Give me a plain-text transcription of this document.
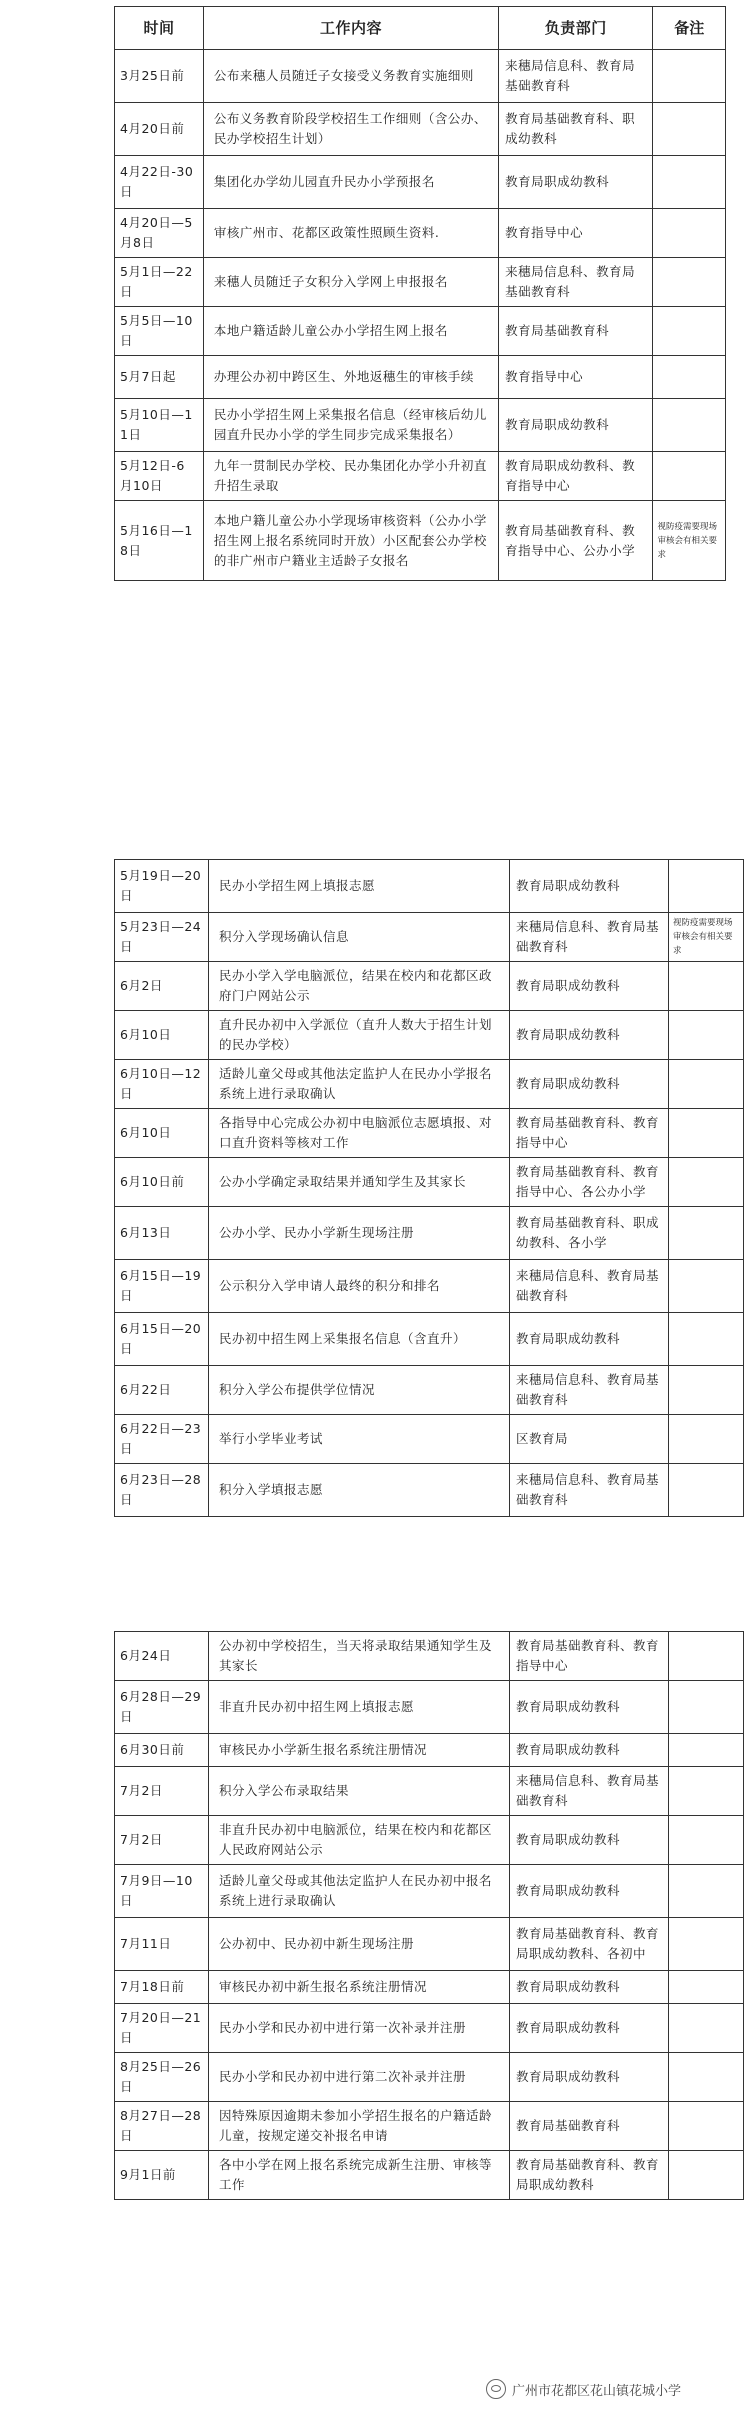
时间	工作内容	负责部门	备注
3月25日前	公布来穗人员随迁子女接受义务教育实施细则	来穗局信息科、教育局基础教育科	
4月20日前	公布义务教育阶段学校招生工作细则（含公办、民办学校招生计划）	教育局基础教育科、职成幼教科	
4月22日-30日	集团化办学幼儿园直升民办小学预报名	教育局职成幼教科	
4月20日—5月8日	审核广州市、花都区政策性照顾生资料.	教育指导中心	
5月1日—22日	来穗人员随迁子女积分入学网上申报报名	来穗局信息科、教育局基础教育科	
5月5日—10日	本地户籍适龄儿童公办小学招生网上报名	教育局基础教育科	
5月7日起	办理公办初中跨区生、外地返穗生的审核手续	教育指导中心	
5月10日—11日	民办小学招生网上采集报名信息（经审核后幼儿园直升民办小学的学生同步完成采集报名）	教育局职成幼教科	
5月12日-6月10日	九年一贯制民办学校、民办集团化办学小升初直升招生录取	教育局职成幼教科、教育指导中心	
5月16日—18日	本地户籍儿童公办小学现场审核资料（公办小学招生网上报名系统同时开放）小区配套公办学校的非广州市户籍业主适龄子女报名	教育局基础教育科、教育指导中心、公办小学	视防疫需要现场审核会有相关要求
5月19日—20日	民办小学招生网上填报志愿	教育局职成幼教科	
5月23日—24日	积分入学现场确认信息	来穗局信息科、教育局基础教育科	视防疫需要现场审核会有相关要求
6月2日	民办小学入学电脑派位，结果在校内和花都区政府门户网站公示	教育局职成幼教科	
6月10日	直升民办初中入学派位（直升人数大于招生计划的民办学校）	教育局职成幼教科	
6月10日—12日	适龄儿童父母或其他法定监护人在民办小学报名系统上进行录取确认	教育局职成幼教科	
6月10日	各指导中心完成公办初中电脑派位志愿填报、对口直升资料等核对工作	教育局基础教育科、教育指导中心	
6月10日前	公办小学确定录取结果并通知学生及其家长	教育局基础教育科、教育指导中心、各公办小学	
6月13日	公办小学、民办小学新生现场注册	教育局基础教育科、职成幼教科、各小学	
6月15日—19日	公示积分入学申请人最终的积分和排名	来穗局信息科、教育局基础教育科	
6月15日—20日	民办初中招生网上采集报名信息（含直升）	教育局职成幼教科	
6月22日	积分入学公布提供学位情况	来穗局信息科、教育局基础教育科	
6月22日—23日	举行小学毕业考试	区教育局	
6月23日—28日	积分入学填报志愿	来穗局信息科、教育局基础教育科	
6月24日	公办初中学校招生，当天将录取结果通知学生及其家长	教育局基础教育科、教育指导中心	
6月28日—29日	非直升民办初中招生网上填报志愿	教育局职成幼教科	
6月30日前	审核民办小学新生报名系统注册情况	教育局职成幼教科	
7月2日	积分入学公布录取结果	来穗局信息科、教育局基础教育科	
7月2日	非直升民办初中电脑派位，结果在校内和花都区人民政府网站公示	教育局职成幼教科	
7月9日—10日	适龄儿童父母或其他法定监护人在民办初中报名系统上进行录取确认	教育局职成幼教科	
7月11日	公办初中、民办初中新生现场注册	教育局基础教育科、教育局职成幼教科、各初中	
7月18日前	审核民办初中新生报名系统注册情况	教育局职成幼教科	
7月20日—21日	民办小学和民办初中进行第一次补录并注册	教育局职成幼教科	
8月25日—26日	民办小学和民办初中进行第二次补录并注册	教育局职成幼教科	
8月27日—28日	因特殊原因逾期未参加小学招生报名的户籍适龄儿童，按规定递交补报名申请	教育局基础教育科	
9月1日前	各中小学在网上报名系统完成新生注册、审核等工作	教育局基础教育科、教育局职成幼教科	
广州市花都区花山镇花城小学
